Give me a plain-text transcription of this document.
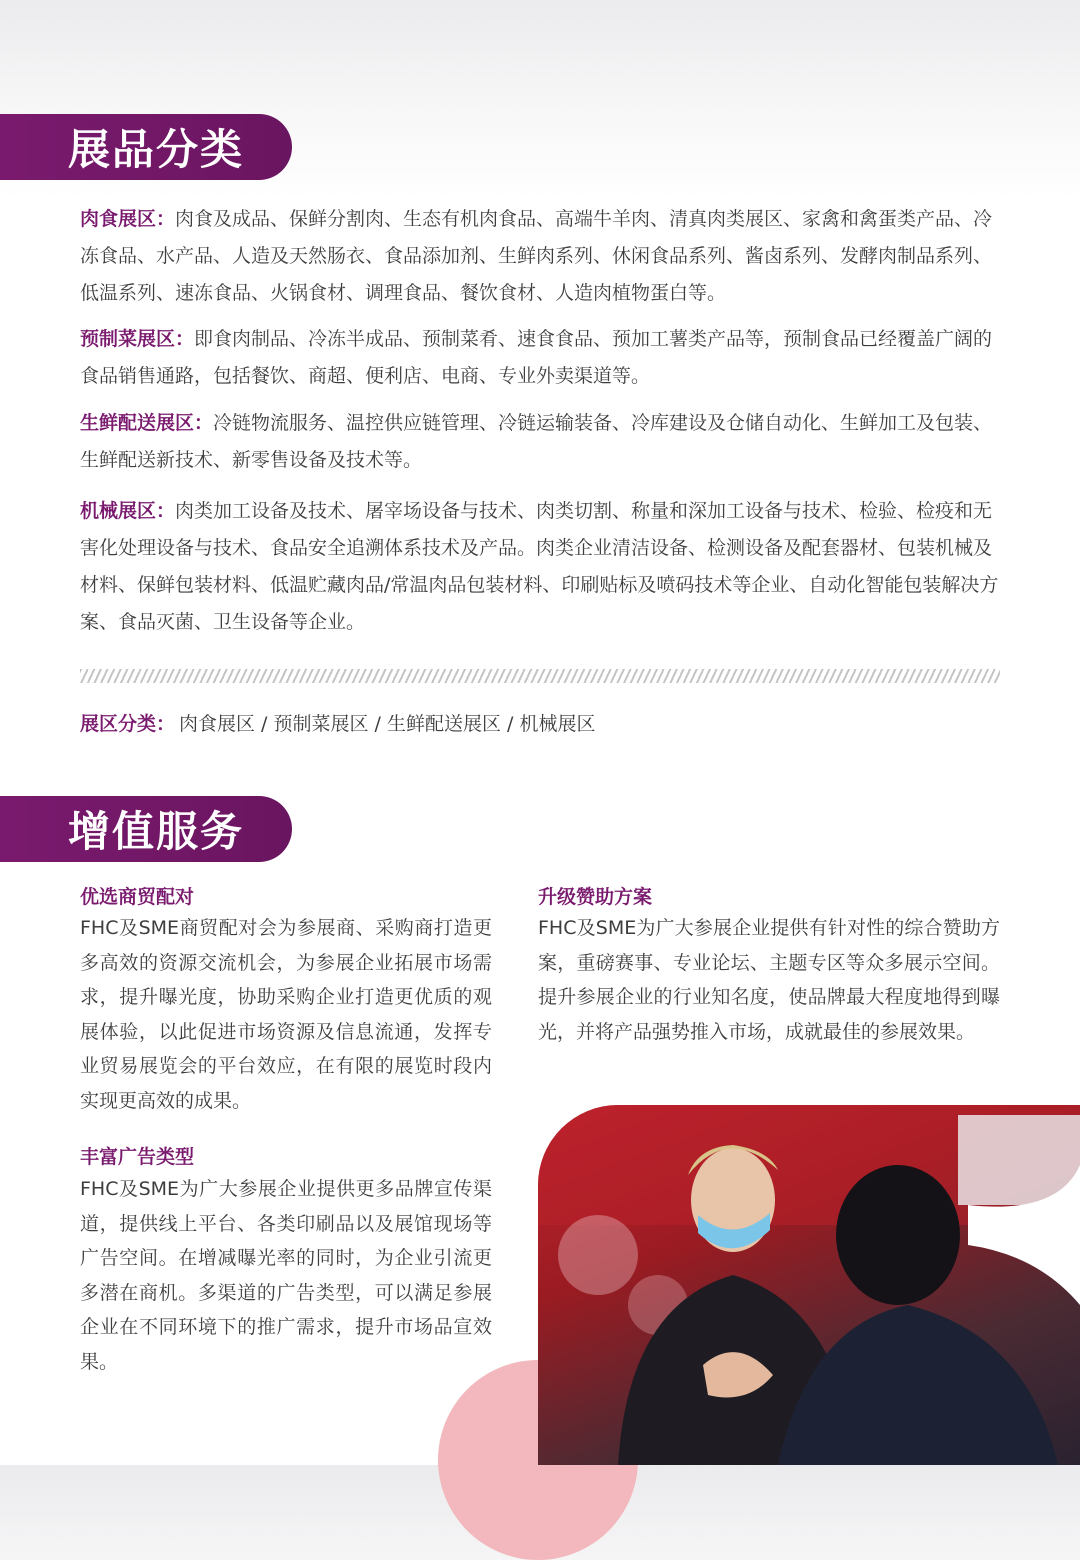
展品分类

肉食展区：肉食及成品、保鲜分割肉、生态有机肉食品、高端牛羊肉、清真肉类展区、家禽和禽蛋类产品、冷冻食品、水产品、人造及天然肠衣、食品添加剂、生鲜肉系列、休闲食品系列、酱卤系列、发酵肉制品系列、低温系列、速冻食品、火锅食材、调理食品、餐饮食材、人造肉植物蛋白等。

预制菜展区：即食肉制品、冷冻半成品、预制菜肴、速食食品、预加工薯类产品等，预制食品已经覆盖广阔的食品销售通路，包括餐饮、商超、便利店、电商、专业外卖渠道等。

生鲜配送展区：冷链物流服务、温控供应链管理、冷链运输装备、冷库建设及仓储自动化、生鲜加工及包装、生鲜配送新技术、新零售设备及技术等。

机械展区：肉类加工设备及技术、屠宰场设备与技术、肉类切割、称量和深加工设备与技术、检验、检疫和无害化处理设备与技术、食品安全追溯体系技术及产品。肉类企业清洁设备、检测设备及配套器材、包装机械及材料、保鲜包装材料、低温贮藏肉品/常温肉品包装材料、印刷贴标及喷码技术等企业、自动化智能包装解决方案、食品灭菌、卫生设备等企业。

展区分类： 肉食展区 / 预制菜展区 / 生鲜配送展区 / 机械展区
增值服务
优选商贸配对

FHC及SME商贸配对会为参展商、采购商打造更多高效的资源交流机会，为参展企业拓展市场需求，提升曝光度，协助采购企业打造更优质的观展体验，以此促进市场资源及信息流通，发挥专业贸易展览会的平台效应，在有限的展览时段内实现更高效的成果。

升级赞助方案

FHC及SME为广大参展企业提供有针对性的综合赞助方案，重磅赛事、专业论坛、主题专区等众多展示空间。提升参展企业的行业知名度，使品牌最大程度地得到曝光，并将产品强势推入市场，成就最佳的参展效果。

丰富广告类型

FHC及SME为广大参展企业提供更多品牌宣传渠道，提供线上平台、各类印刷品以及展馆现场等广告空间。在增减曝光率的同时，为企业引流更多潜在商机。多渠道的广告类型，可以满足参展企业在不同环境下的推广需求，提升市场品宣效果。
